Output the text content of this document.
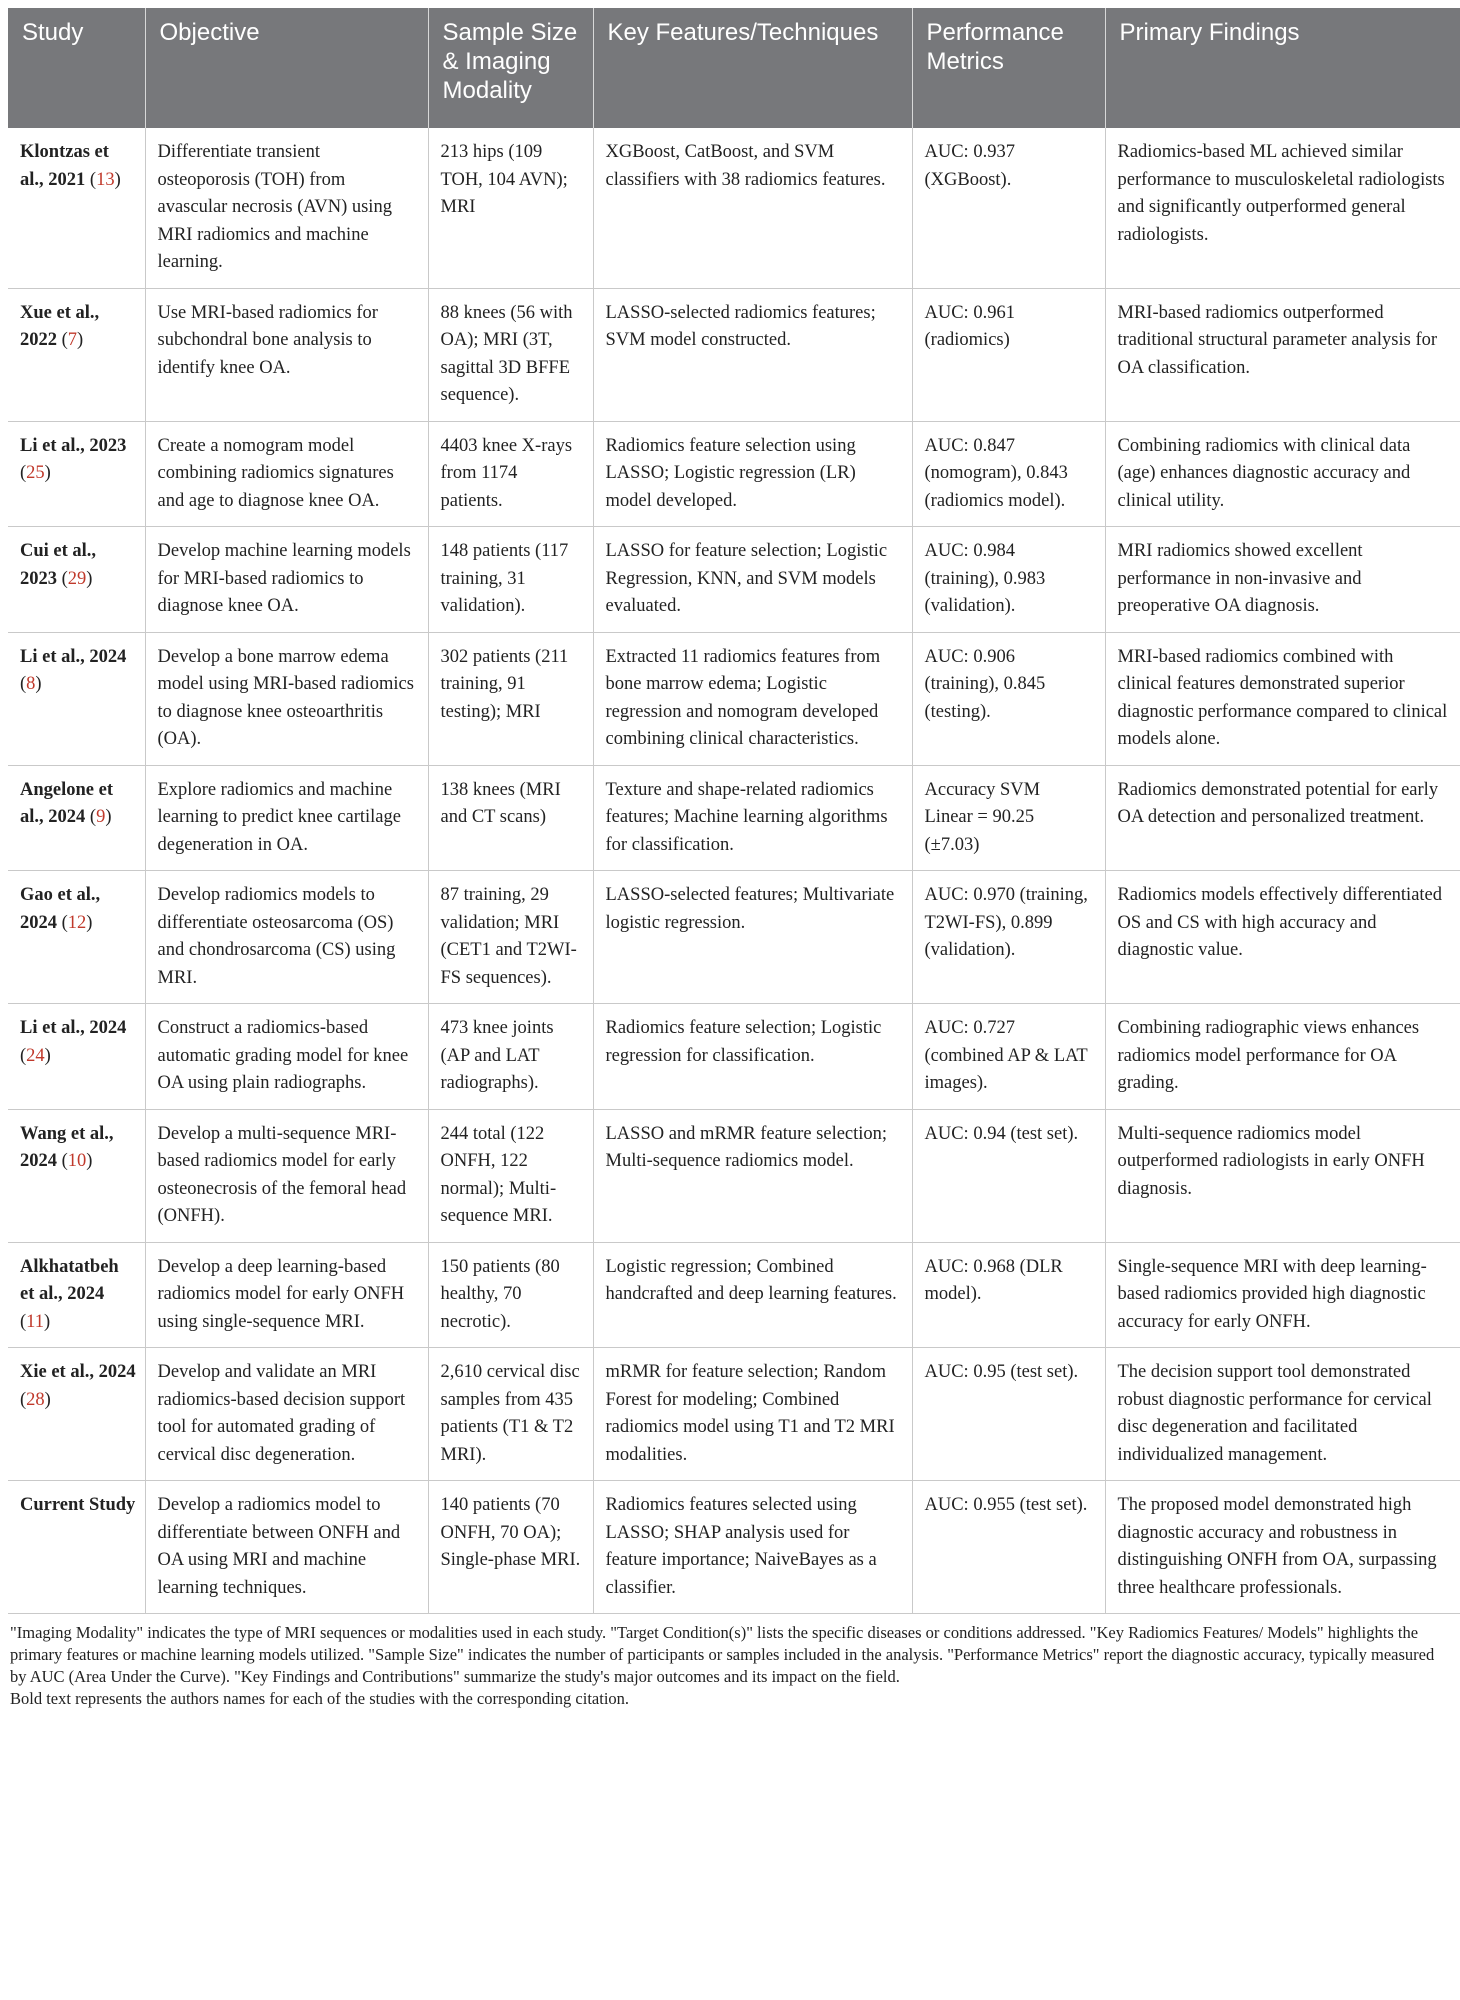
Study	Objective	Sample Size & Imaging Modality	Key Features/Techniques	Performance Metrics	Primary Findings
Klontzas et al., 2021 (13)	Differentiate transient osteoporosis (TOH) from avascular necrosis (AVN) using MRI radiomics and machine learning.	213 hips (109 TOH, 104 AVN); MRI	XGBoost, CatBoost, and SVM classifiers with 38 radiomics features.	AUC: 0.937 (XGBoost).	Radiomics-based ML achieved similar performance to musculoskeletal radiologists and significantly outperformed general radiologists.
Xue et al., 2022 (7)	Use MRI-based radiomics for subchondral bone analysis to identify knee OA.	88 knees (56 with OA); MRI (3T, sagittal 3D BFFE sequence).	LASSO-selected radiomics features; SVM model constructed.	AUC: 0.961 (radiomics)	MRI-based radiomics outperformed traditional structural parameter analysis for OA classification.
Li et al., 2023 (25)	Create a nomogram model combining radiomics signatures and age to diagnose knee OA.	4403 knee X-rays from 1174 patients.	Radiomics feature selection using LASSO; Logistic regression (LR) model developed.	AUC: 0.847 (nomogram), 0.843 (radiomics model).	Combining radiomics with clinical data (age) enhances diagnostic accuracy and clinical utility.
Cui et al., 2023 (29)	Develop machine learning models for MRI-based radiomics to diagnose knee OA.	148 patients (117 training, 31 validation).	LASSO for feature selection; Logistic Regression, KNN, and SVM models evaluated.	AUC: 0.984 (training), 0.983 (validation).	MRI radiomics showed excellent performance in non-invasive and preoperative OA diagnosis.
Li et al., 2024 (8)	Develop a bone marrow edema model using MRI-based radiomics to diagnose knee osteoarthritis (OA).	302 patients (211 training, 91 testing); MRI	Extracted 11 radiomics features from bone marrow edema; Logistic regression and nomogram developed combining clinical characteristics.	AUC: 0.906 (training), 0.845 (testing).	MRI-based radiomics combined with clinical features demonstrated superior diagnostic performance compared to clinical models alone.
Angelone et al., 2024 (9)	Explore radiomics and machine learning to predict knee cartilage degeneration in OA.	138 knees (MRI and CT scans)	Texture and shape-related radiomics features; Machine learning algorithms for classification.	Accuracy SVM Linear = 90.25 (±7.03)	Radiomics demonstrated potential for early OA detection and personalized treatment.
Gao et al., 2024 (12)	Develop radiomics models to differentiate osteosarcoma (OS) and chondrosarcoma (CS) using MRI.	87 training, 29 validation; MRI (CET1 and T2WI-FS sequences).	LASSO-selected features; Multivariate logistic regression.	AUC: 0.970 (training, T2WI-FS), 0.899 (validation).	Radiomics models effectively differentiated OS and CS with high accuracy and diagnostic value.
Li et al., 2024 (24)	Construct a radiomics-based automatic grading model for knee OA using plain radiographs.	473 knee joints (AP and LAT radiographs).	Radiomics feature selection; Logistic regression for classification.	AUC: 0.727 (combined AP & LAT images).	Combining radiographic views enhances radiomics model performance for OA grading.
Wang et al., 2024 (10)	Develop a multi-sequence MRI-based radiomics model for early osteonecrosis of the femoral head (ONFH).	244 total (122 ONFH, 122 normal); Multi-sequence MRI.	LASSO and mRMR feature selection; Multi-sequence radiomics model.	AUC: 0.94 (test set).	Multi-sequence radiomics model outperformed radiologists in early ONFH diagnosis.
Alkhatatbeh et al., 2024 (11)	Develop a deep learning-based radiomics model for early ONFH using single-sequence MRI.	150 patients (80 healthy, 70 necrotic).	Logistic regression; Combined handcrafted and deep learning features.	AUC: 0.968 (DLR model).	Single-sequence MRI with deep learning-based radiomics provided high diagnostic accuracy for early ONFH.
Xie et al., 2024 (28)	Develop and validate an MRI radiomics-based decision support tool for automated grading of cervical disc degeneration.	2,610 cervical disc samples from 435 patients (T1 & T2 MRI).	mRMR for feature selection; Random Forest for modeling; Combined radiomics model using T1 and T2 MRI modalities.	AUC: 0.95 (test set).	The decision support tool demonstrated robust diagnostic performance for cervical disc degeneration and facilitated individualized management.
Current Study	Develop a radiomics model to differentiate between ONFH and OA using MRI and machine learning techniques.	140 patients (70 ONFH, 70 OA); Single-phase MRI.	Radiomics features selected using LASSO; SHAP analysis used for feature importance; NaiveBayes as a classifier.	AUC: 0.955 (test set).	The proposed model demonstrated high diagnostic accuracy and robustness in distinguishing ONFH from OA, surpassing three healthcare professionals.

"Imaging Modality" indicates the type of MRI sequences or modalities used in each study. "Target Condition(s)" lists the specific diseases or conditions addressed. "Key Radiomics Features/ Models" highlights the primary features or machine learning models utilized. "Sample Size" indicates the number of participants or samples included in the analysis. "Performance Metrics" report the diagnostic accuracy, typically measured by AUC (Area Under the Curve). "Key Findings and Contributions" summarize the study's major outcomes and its impact on the field.

Bold text represents the authors names for each of the studies with the corresponding citation.
